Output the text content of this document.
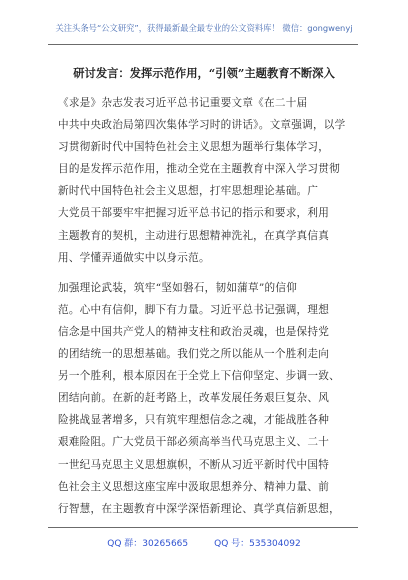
关注头条号“公文研究”，获得最新最全最专业的公文资料库！ 微信：gongwenyj
研讨发言：发挥示范作用，“引领”主题教育不断深入
《求是》杂志发表习近平总书记重要文章《在二十届
中共中央政治局第四次集体学习时的讲话》。文章强调，以学
习贯彻新时代中国特色社会主义思想为题举行集体学习，
目的是发挥示范作用，推动全党在主题教育中深入学习贯彻
新时代中国特色社会主义思想，打牢思想理论基础。广
大党员干部要牢牢把握习近平总书记的指示和要求，利用
主题教育的契机，主动进行思想精神洗礼，在真学真信真
用、学懂弄通做实中以身示范。
加强理论武装，筑牢“坚如磐石，韧如蒲草”的信仰
范。心中有信仰，脚下有力量。习近平总书记强调，理想
信念是中国共产党人的精神支柱和政治灵魂，也是保持党
的团结统一的思想基础。我们党之所以能从一个胜利走向
另一个胜利，根本原因在于全党上下信仰坚定、步调一致、
团结向前。在新的赶考路上，改革发展任务艰巨复杂、风
险挑战显著增多，只有筑牢理想信念之魂，才能战胜各种
艰难险阻。广大党员干部必须高举当代马克思主义、二十
一世纪马克思主义思想旗帜，不断从习近平新时代中国特
色社会主义思想这座宝库中汲取思想养分、精神力量、前
行智慧，在主题教育中深学深悟新理论、真学真信新思想，
QQ 群：30265665	QQ 号：535304092
